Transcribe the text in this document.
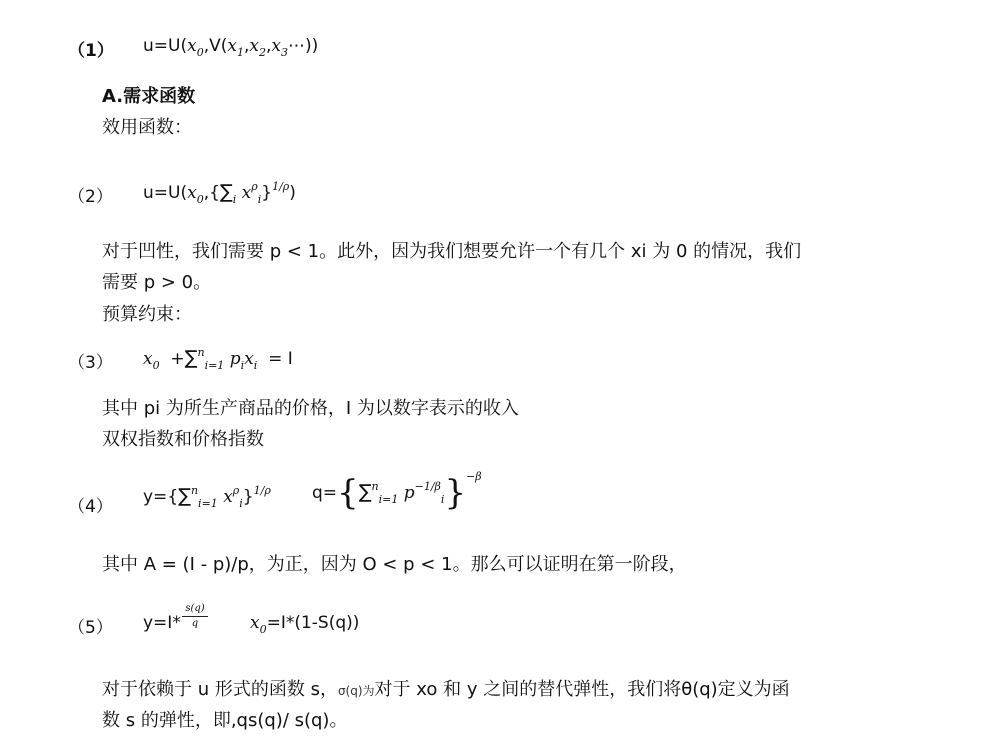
（1） $u=U(x_0,V(x_1,x_2,x_3\cdots))$
A.需求函数
效用函数：
（2） $u=U(x_0,\{\sum_i$ $x^\rho_i\}^{1/\rho}$)
对于凹性，我们需要 p < 1。此外，因为我们想要允许一个有几个 xi 为 0 的情况，我们
需要 p > 0。
预算约束：
（3） $x_0 +\sum^n_{i=1}$ $p_ix_i = I$
其中 pi 为所生产商品的价格，I 为以数字表示的收入
双权指数和价格指数
（4） y={∑$^n_{i=1}$ $x^\rho_i\}^{1/\rho}$ q={∑$^n_{i=1}$ $p^{-1/\beta}_i\}^{-\beta}$
其中 A = (I - p)/p，为正，因为 O < p < 1。那么可以证明在第一阶段，
（5） y=I*
s(q)
q	$x_0=I*(1-S(q))$
对于依赖于 u 形式的函数 s，σ(q)为对于 xo 和 y 之间的替代弹性，我们将θ(q)定义为函
数 s 的弹性，即,qs(q)/ s(q)。
